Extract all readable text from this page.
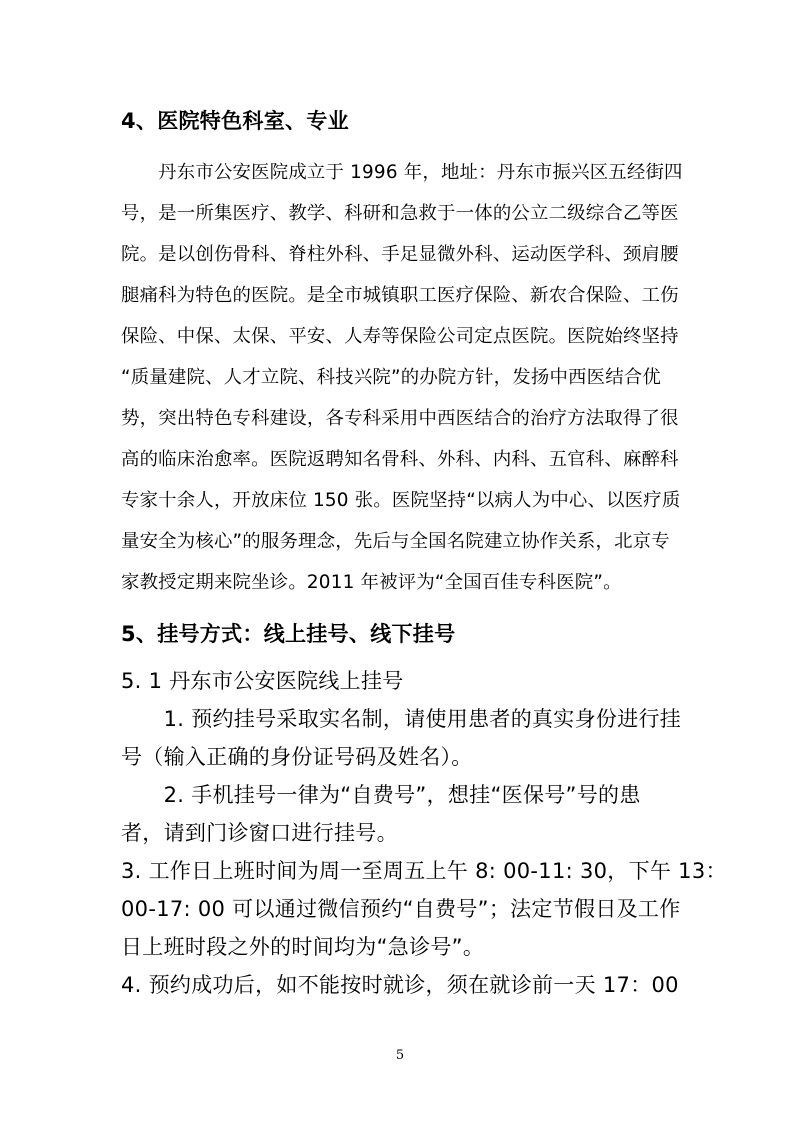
4、医院特色科室、专业
　　丹东市公安医院成立于 1996 年，地址：丹东市振兴区五经街四
号，是一所集医疗、教学、科研和急救于一体的公立二级综合乙等医
院。是以创伤骨科、脊柱外科、手足显微外科、运动医学科、颈肩腰
腿痛科为特色的医院。是全市城镇职工医疗保险、新农合保险、工伤
保险、中保、太保、平安、人寿等保险公司定点医院。医院始终坚持
“质量建院、人才立院、科技兴院”的办院方针，发扬中西医结合优
势，突出特色专科建设，各专科采用中西医结合的治疗方法取得了很
高的临床治愈率。医院返聘知名骨科、外科、内科、五官科、麻醉科
专家十余人，开放床位 150 张。医院坚持“以病人为中心、以医疗质
量安全为核心”的服务理念，先后与全国名院建立协作关系，北京专
家教授定期来院坐诊。2011 年被评为“全国百佳专科医院”。
5、挂号方式：线上挂号、线下挂号
5. 1 丹东市公安医院线上挂号
　　1. 预约挂号采取实名制，请使用患者的真实身份进行挂
号（输入正确的身份证号码及姓名）。
　　2. 手机挂号一律为“自费号”，想挂“医保号”号的患
者，请到门诊窗口进行挂号。
3. 工作日上班时间为周一至周五上午 8: 00-11: 30，下午 13：
00-17: 00 可以通过微信预约“自费号”；法定节假日及工作
日上班时段之外的时间均为“急诊号”。
4. 预约成功后，如不能按时就诊，须在就诊前一天 17：00
5
